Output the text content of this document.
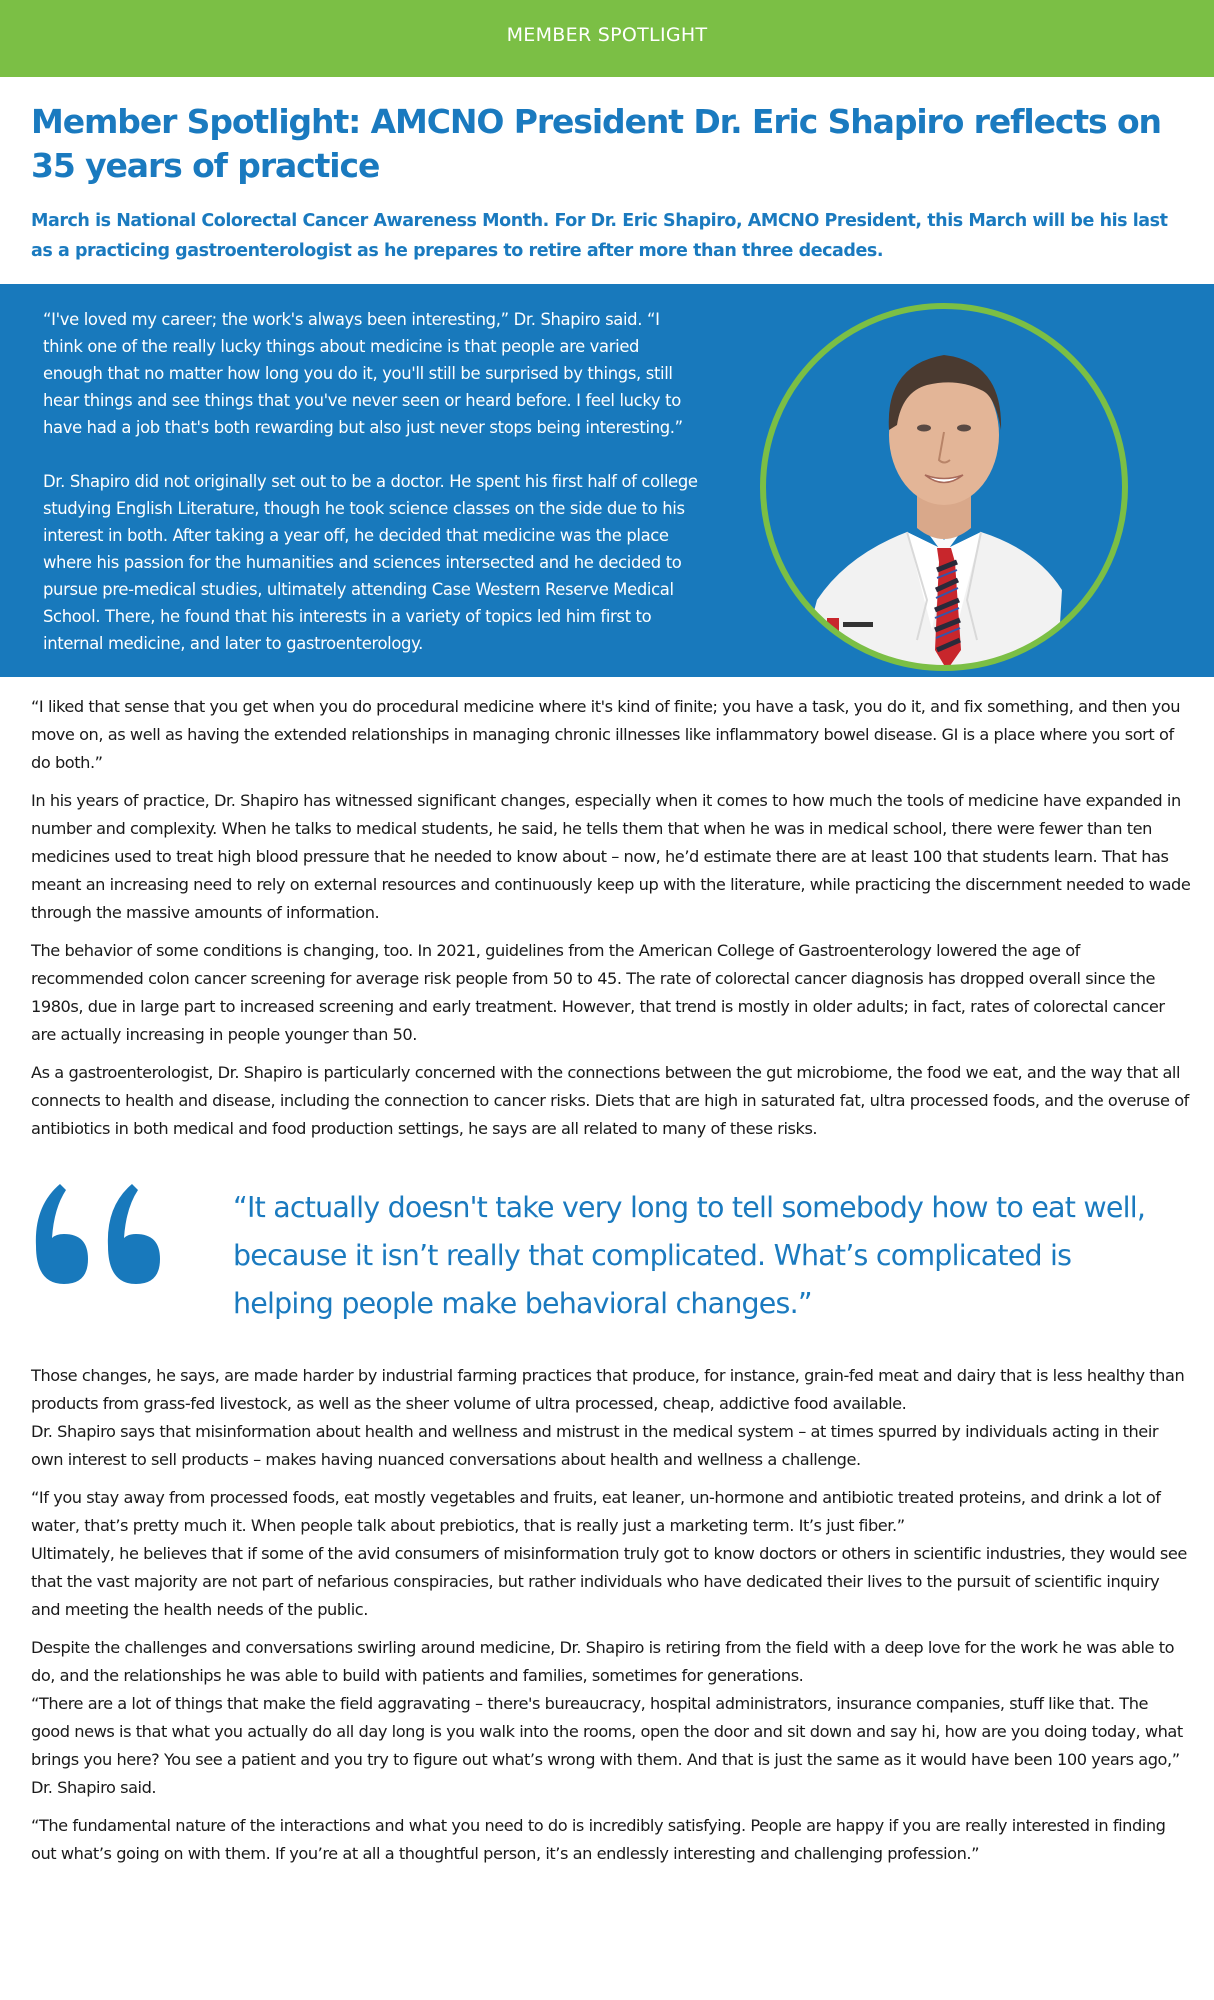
MEMBER SPOTLIGHT
Member Spotlight: AMCNO President Dr. Eric Shapiro reflects on 35 years of practice

March is National Colorectal Cancer Awareness Month. For Dr. Eric Shapiro, AMCNO President, this March will be his last as a practicing gastroenterologist as he prepares to retire after more than three decades.

“I've loved my career; the work's always been interesting,” Dr. Shapiro said. “I think one of the really lucky things about medicine is that people are varied enough that no matter how long you do it, you'll still be surprised by things, still hear things and see things that you've never seen or heard before. I feel lucky to have had a job that's both rewarding but also just never stops being interesting.”

Dr. Shapiro did not originally set out to be a doctor. He spent his first half of college studying English Literature, though he took science classes on the side due to his interest in both. After taking a year off, he decided that medicine was the place where his passion for the humanities and sciences intersected and he decided to pursue pre-medical studies, ultimately attending Case Western Reserve Medical School. There, he found that his interests in a variety of topics led him first to internal medicine, and later to gastroenterology.

“I liked that sense that you get when you do procedural medicine where it's kind of finite; you have a task, you do it, and fix something, and then you move on, as well as having the extended relationships in managing chronic illnesses like inflammatory bowel disease. GI is a place where you sort of do both.”

In his years of practice, Dr. Shapiro has witnessed significant changes, especially when it comes to how much the tools of medicine have expanded in number and complexity. When he talks to medical students, he said, he tells them that when he was in medical school, there were fewer than ten medicines used to treat high blood pressure that he needed to know about – now, he’d estimate there are at least 100 that students learn. That has meant an increasing need to rely on external resources and continuously keep up with the literature, while practicing the discernment needed to wade through the massive amounts of information.

The behavior of some conditions is changing, too. In 2021, guidelines from the American College of Gastroenterology lowered the age of recommended colon cancer screening for average risk people from 50 to 45. The rate of colorectal cancer diagnosis has dropped overall since the 1980s, due in large part to increased screening and early treatment. However, that trend is mostly in older adults; in fact, rates of colorectal cancer are actually increasing in people younger than 50.

As a gastroenterologist, Dr. Shapiro is particularly concerned with the connections between the gut microbiome, the food we eat, and the way that all connects to health and disease, including the connection to cancer risks. Diets that are high in saturated fat, ultra processed foods, and the overuse of antibiotics in both medical and food production settings, he says are all related to many of these risks.

“It actually doesn't take very long to tell somebody how to eat well, because it isn’t really that complicated. What’s complicated is helping people make behavioral changes.”

Those changes, he says, are made harder by industrial farming practices that produce, for instance, grain-fed meat and dairy that is less healthy than products from grass-fed livestock, as well as the sheer volume of ultra processed, cheap, addictive food available.

Dr. Shapiro says that misinformation about health and wellness and mistrust in the medical system – at times spurred by individuals acting in their own interest to sell products – makes having nuanced conversations about health and wellness a challenge.

“If you stay away from processed foods, eat mostly vegetables and fruits, eat leaner, un-hormone and antibiotic treated proteins, and drink a lot of water, that’s pretty much it. When people talk about prebiotics, that is really just a marketing term. It’s just fiber.”

Ultimately, he believes that if some of the avid consumers of misinformation truly got to know doctors or others in scientific industries, they would see that the vast majority are not part of nefarious conspiracies, but rather individuals who have dedicated their lives to the pursuit of scientific inquiry and meeting the health needs of the public.

Despite the challenges and conversations swirling around medicine, Dr. Shapiro is retiring from the field with a deep love for the work he was able to do, and the relationships he was able to build with patients and families, sometimes for generations.

“There are a lot of things that make the field aggravating – there's bureaucracy, hospital administrators, insurance companies, stuff like that. The good news is that what you actually do all day long is you walk into the rooms, open the door and sit down and say hi, how are you doing today, what brings you here? You see a patient and you try to figure out what’s wrong with them. And that is just the same as it would have been 100 years ago,” Dr. Shapiro said.

“The fundamental nature of the interactions and what you need to do is incredibly satisfying. People are happy if you are really interested in finding out what’s going on with them. If you’re at all a thoughtful person, it’s an endlessly interesting and challenging profession.”
